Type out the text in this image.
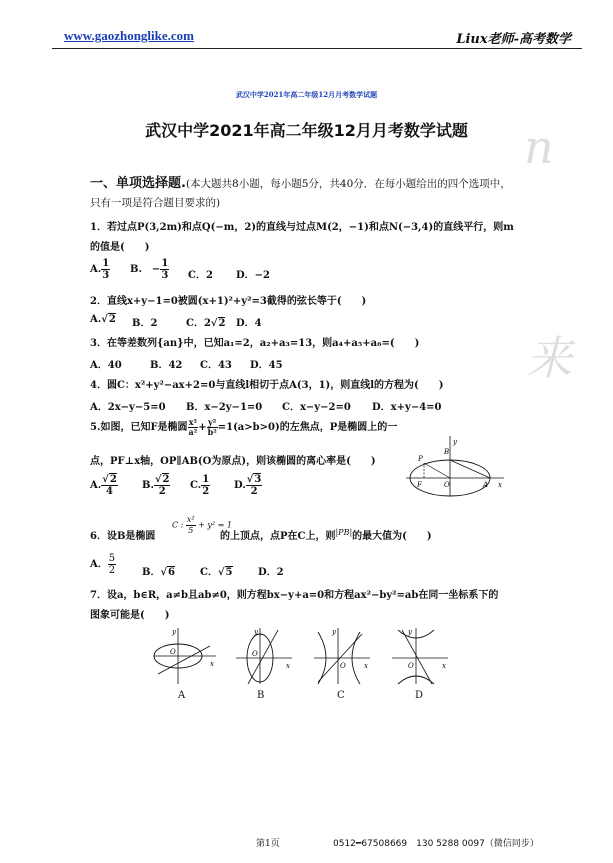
www.gaozhonglike.com	Liux老师-高考数学
n
来
武汉中学2021年高二年级12月月考数学试题
武汉中学2021年高二年级12月月考数学试题
一、单项选择题.(本大题共8小题，每小题5分，共40分．在每小题给出的四个选项中，
只有一项是符合题目要求的)
1．若过点P(3,2m)和点Q(−m，2)的直线与过点M(2，−1)和点N(−3,4)的直线平行，则m
的值是(　　)
A. $\frac{1}{3} B$.　− $\frac{1}{3}$ C．2 D．−2
2．直线x+y−1=0被圆(x+1)²+y²=3截得的弦长等于(　　)
A.√2 B．2	C．2√2 D．4
3．在等差数列{an}中，已知a₁=2，a₂+a₃=13，则a₄+a₅+a₆=(　　)
A．40	B．42 C．43 D．45
4．圆C：x²+y²−ax+2=0与直线l相切于点A(3，1)，则直线l的方程为(　　)
A．2x−y−5=0 B．x−2y−1=0 C．x−y−2=0 D．x+y−4=0
5.如图，已知F是椭圆 $\frac{\text{x²}}{\text{a²}} + \frac{\text{y²}}{\text{b²}} =1(a>b>0)$的左焦点，P是椭圆上的一
点，PF⊥x轴，OP∥AB(O为原点)，则该椭圆的离心率是(　　)
A. $\frac{√2}{4} B$. $\frac{√2}{2} C$. $\frac{1}{2} D$. $\frac{√3}{2}$
y
B
P
F	O	A x
6．设B是椭圆
C : $\frac{\text{x²}}{5} + y^2 = 1$
的上顶点，点P在C上，则$^{|PB|}$的最大值为(　　)
A． $\frac{5}{2}$	B．√6	C．√5	D．2
7．设a，b∈R，a≠b且ab≠0，则方程bx−y+a=0和方程ax²−by²=ab在同一坐标系下的
图象可能是(　　)
y
O
x
A
y
O
x
B
y
O	x
C
y
O	x
D
第1页	0512━67508669　130 5288 0097（微信同步）
